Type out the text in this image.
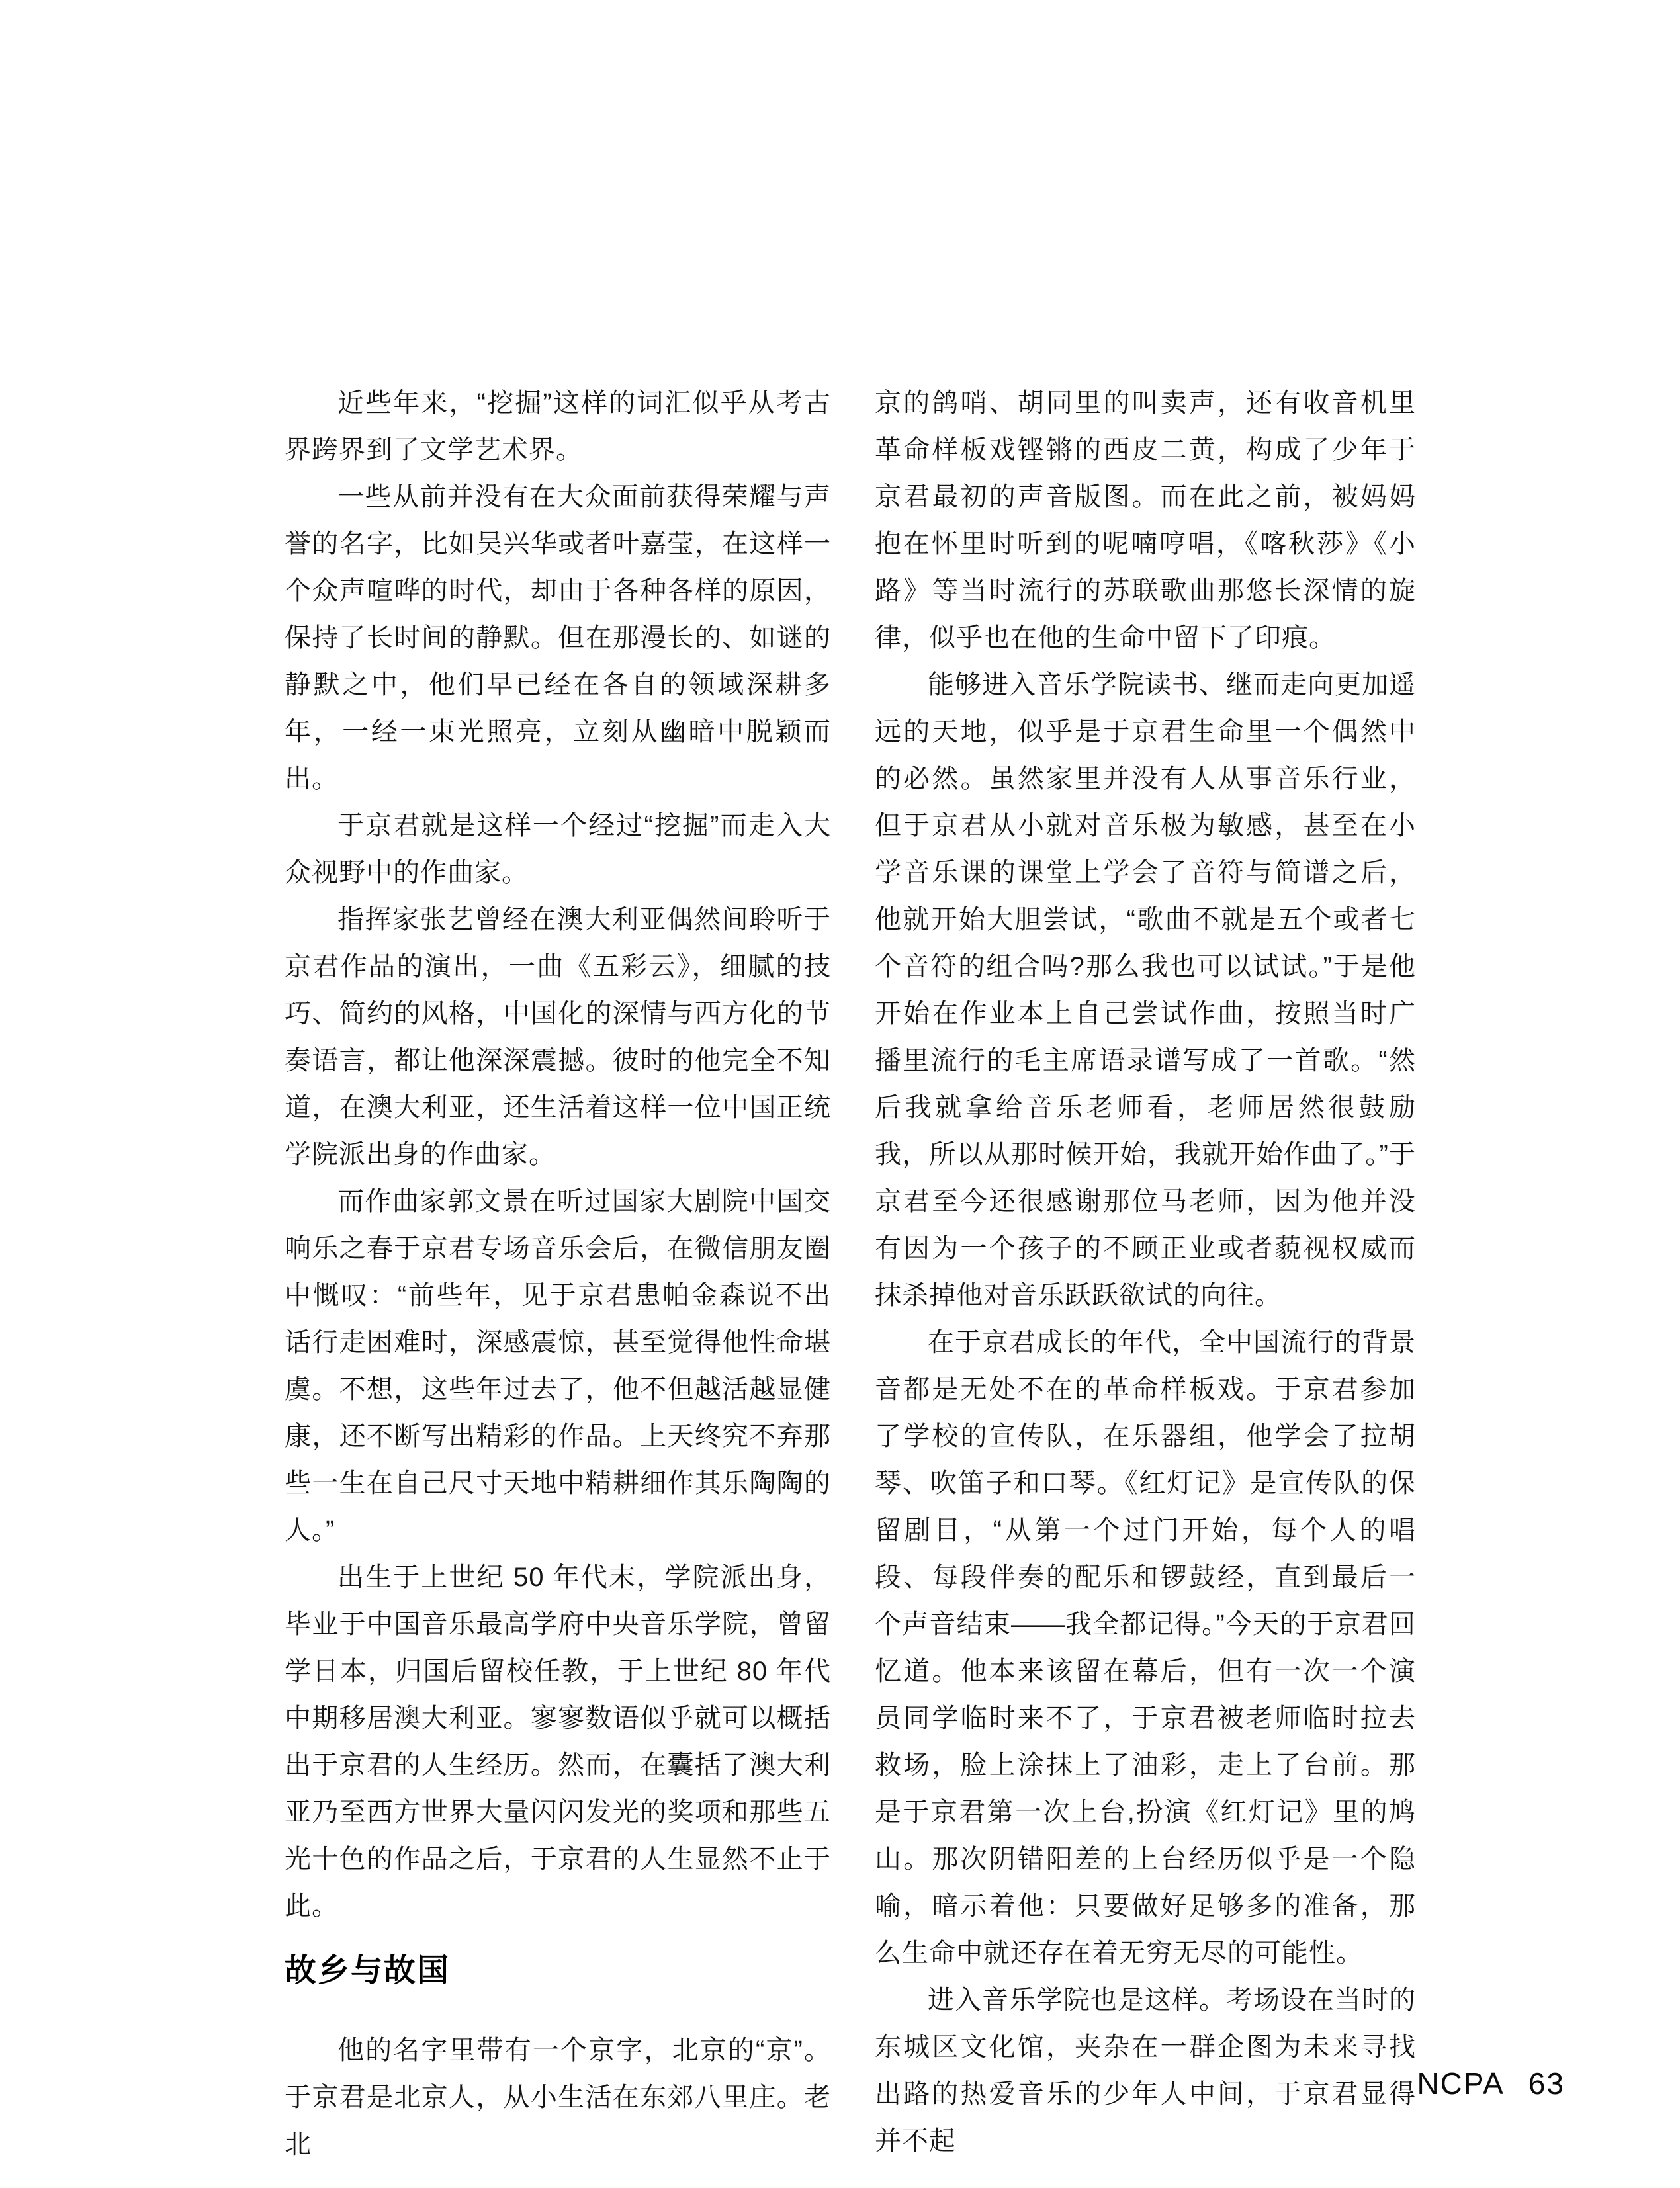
近些年来，“挖掘”这样的词汇似乎从考古界跨界到了文学艺术界。

一些从前并没有在大众面前获得荣耀与声誉的名字，比如吴兴华或者叶嘉莹，在这样一个众声喧哗的时代，却由于各种各样的原因，保持了长时间的静默。但在那漫长的、如谜的静默之中，他们早已经在各自的领域深耕多年，一经一束光照亮，立刻从幽暗中脱颖而出。

于京君就是这样一个经过“挖掘”而走入大众视野中的作曲家。

指挥家张艺曾经在澳大利亚偶然间聆听于京君作品的演出，一曲《五彩云》，细腻的技巧、简约的风格，中国化的深情与西方化的节奏语言，都让他深深震撼。彼时的他完全不知道，在澳大利亚，还生活着这样一位中国正统学院派出身的作曲家。

而作曲家郭文景在听过国家大剧院中国交响乐之春于京君专场音乐会后，在微信朋友圈中慨叹：“前些年，见于京君患帕金森说不出话行走困难时，深感震惊，甚至觉得他性命堪虞。不想，这些年过去了，他不但越活越显健康，还不断写出精彩的作品。上天终究不弃那些一生在自己尺寸天地中精耕细作其乐陶陶的人。”

出生于上世纪 50 年代末，学院派出身，毕业于中国音乐最高学府中央音乐学院，曾留学日本，归国后留校任教，于上世纪 80 年代中期移居澳大利亚。寥寥数语似乎就可以概括出于京君的人生经历。然而，在囊括了澳大利亚乃至西方世界大量闪闪发光的奖项和那些五光十色的作品之后，于京君的人生显然不止于此。

故乡与故国

他的名字里带有一个京字，北京的“京”。于京君是北京人，从小生活在东郊八里庄。老北

京的鸽哨、胡同里的叫卖声，还有收音机里革命样板戏铿锵的西皮二黄，构成了少年于京君最初的声音版图。而在此之前，被妈妈抱在怀里时听到的呢喃哼唱，《喀秋莎》《小路》等当时流行的苏联歌曲那悠长深情的旋律，似乎也在他的生命中留下了印痕。

能够进入音乐学院读书、继而走向更加遥远的天地，似乎是于京君生命里一个偶然中的必然。虽然家里并没有人从事音乐行业，但于京君从小就对音乐极为敏感，甚至在小学音乐课的课堂上学会了音符与简谱之后，他就开始大胆尝试，“歌曲不就是五个或者七个音符的组合吗?那么我也可以试试。”于是他开始在作业本上自己尝试作曲，按照当时广播里流行的毛主席语录谱写成了一首歌。“然后我就拿给音乐老师看，老师居然很鼓励我，所以从那时候开始，我就开始作曲了。”于京君至今还很感谢那位马老师，因为他并没有因为一个孩子的不顾正业或者藐视权威而抹杀掉他对音乐跃跃欲试的向往。

在于京君成长的年代，全中国流行的背景音都是无处不在的革命样板戏。于京君参加了学校的宣传队，在乐器组，他学会了拉胡琴、吹笛子和口琴。《红灯记》是宣传队的保留剧目，“从第一个过门开始，每个人的唱段、每段伴奏的配乐和锣鼓经，直到最后一个声音结束——我全都记得。”今天的于京君回忆道。他本来该留在幕后，但有一次一个演员同学临时来不了，于京君被老师临时拉去救场，脸上涂抹上了油彩，走上了台前。那是于京君第一次上台,扮演《红灯记》里的鸠山。那次阴错阳差的上台经历似乎是一个隐喻，暗示着他：只要做好足够多的准备，那么生命中就还存在着无穷无尽的可能性。

进入音乐学院也是这样。考场设在当时的东城区文化馆，夹杂在一群企图为未来寻找出路的热爱音乐的少年人中间，于京君显得并不起

NCPA 63
